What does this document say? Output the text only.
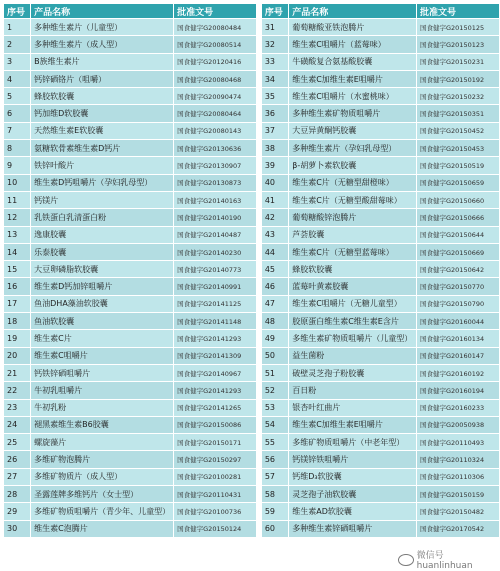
序号	产品名称	批准文号
1	多种维生素片（儿童型）	国食健字G20080484
2	多种维生素片（成人型）	国食健字G20080514
3	B族维生素片	国食健字G20120416
4	钙锌硒铬片（咀嚼）	国食健字G20080468
5	蜂胶软胶囊	国食健字G20090474
6	钙加维D软胶囊	国食健字G20080464
7	天然维生素E软胶囊	国食健字G20080143
8	氨糖软骨素维生素D钙片	国食健字G20130636
9	铁锌叶酸片	国食健字G20130907
10	维生素D钙咀嚼片（孕妇乳母型）	国食健字G20130873
11	钙镁片	国食健字G20140163
12	乳铁蛋白乳清蛋白粉	国食健字G20140190
13	逸康胶囊	国食健字G20140487
14	乐泰胶囊	国食健字G20140230
15	大豆卵磷脂软胶囊	国食健字G20140773
16	维生素D钙加锌咀嚼片	国食健字G20140991
17	鱼油DHA藻油软胶囊	国食健字G20141125
18	鱼油软胶囊	国食健字G20141148
19	维生素C片	国食健字G20141293
20	维生素C咀嚼片	国食健字G20141309
21	钙铁锌硒咀嚼片	国食健字G20140967
22	牛初乳咀嚼片	国食健字G20141293
23	牛初乳粉	国食健字G20141265
24	褪黑素维生素B6胶囊	国食健字G20150086
25	螺旋藻片	国食健字G20150171
26	多维矿物泡腾片	国食健字G20150297
27	多维矿物质片（成人型）	国食健字G20100281
28	圣露莲牌多维钙片（女士型）	国食健字G20110431
29	多维矿物质咀嚼片（青少年、儿童型）	国食健字G20100736
30	维生素C泡腾片	国食健字G20150124
序号	产品名称	批准文号
31	葡萄糖酸亚铁泡腾片	国食健字G20150125
32	维生素C咀嚼片（蓝莓味）	国食健字G20150123
33	牛磺酸复合氨基酸胶囊	国食健字G20150231
34	维生素C加维生素E咀嚼片	国食健字G20150192
35	维生素C咀嚼片（水蜜桃味）	国食健字G20150232
36	多种维生素矿物质咀嚼片	国食健字G20150351
37	大豆异黄酮钙胶囊	国食健字G20150452
38	多种维生素片（孕妇乳母型）	国食健字G20150453
39	β-胡萝卜素软胶囊	国食健字G20150519
40	维生素C片（无糖型甜橙味）	国食健字G20150659
41	维生素C片（无糖型酸甜莓味）	国食健字G20150660
42	葡萄糖酸锌泡腾片	国食健字G20150666
43	芦荟胶囊	国食健字G20150644
44	维生素C片（无糖型蓝莓味）	国食健字G20150669
45	蜂胶软胶囊	国食健字G20150642
46	蓝莓叶黄素胶囊	国食健字G20150770
47	维生素C咀嚼片（无糖儿童型）	国食健字G20150790
48	胶原蛋白维生素C维生素E含片	国食健字G20160044
49	多维生素矿物质咀嚼片（儿童型）	国食健字G20160134
50	益生菌粉	国食健字G20160147
51	破壁灵芝孢子粉胶囊	国食健字G20160192
52	百日粉	国食健字G20160194
53	银杏叶红曲片	国食健字G20160233
54	维生素C加维生素E咀嚼片	国食健字G20050938
55	多维矿物质咀嚼片（中老年型）	国食健字G20110493
56	钙镁锌铁咀嚼片	国食健字G20110324
57	钙维D₃软胶囊	国食健字G20110306
58	灵芝孢子油软胶囊	国食健字G20150159
59	维生素AD软胶囊	国食健字G20150482
60	多种维生素锌硒咀嚼片	国食健字G20170542
微信号 huanlinhuan
